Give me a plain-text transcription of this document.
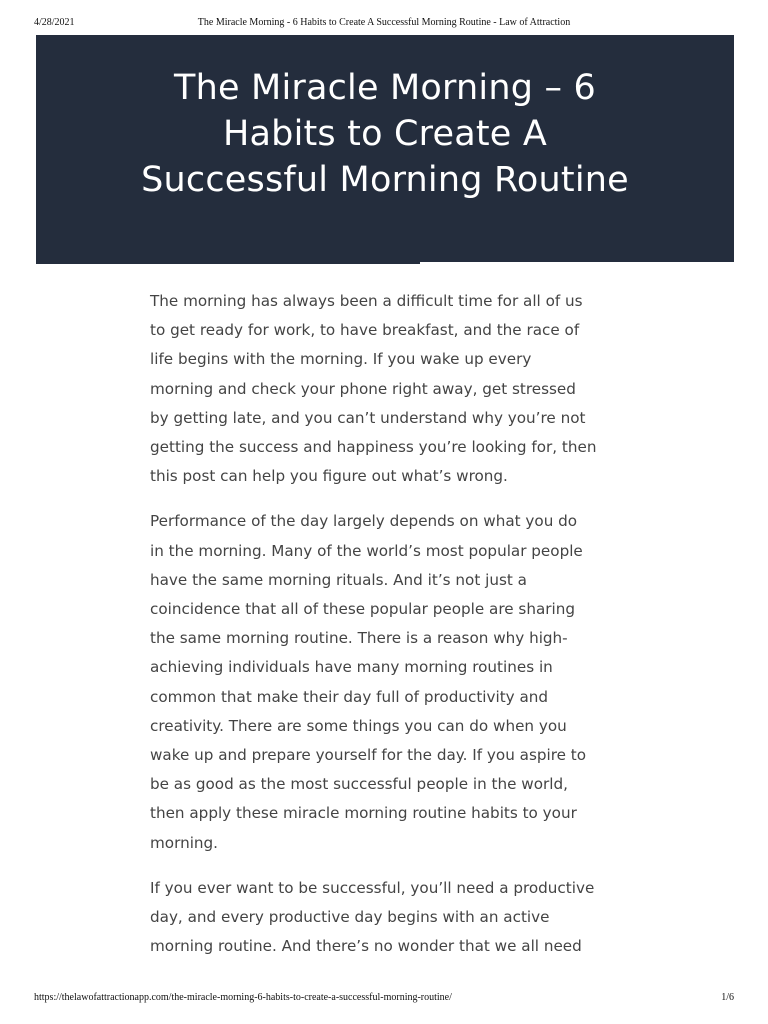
4/28/2021	The Miracle Morning - 6 Habits to Create A Successful Morning Routine - Law of Attraction
The Miracle Morning – 6
Habits to Create A
Successful Morning Routine

The morning has always been a difficult time for all of us
to get ready for work, to have breakfast, and the race of
life begins with the morning. If you wake up every
morning and check your phone right away, get stressed
by getting late, and you can’t understand why you’re not
getting the success and happiness you’re looking for, then
this post can help you figure out what’s wrong.

Performance of the day largely depends on what you do
in the morning. Many of the world’s most popular people
have the same morning rituals. And it’s not just a
coincidence that all of these popular people are sharing
the same morning routine. There is a reason why high-
achieving individuals have many morning routines in
common that make their day full of productivity and
creativity. There are some things you can do when you
wake up and prepare yourself for the day. If you aspire to
be as good as the most successful people in the world,
then apply these miracle morning routine habits to your
morning.

If you ever want to be successful, you’ll need a productive
day, and every productive day begins with an active
morning routine. And there’s no wonder that we all need

https://thelawofattractionapp.com/the-miracle-morning-6-habits-to-create-a-successful-morning-routine/	1/6
